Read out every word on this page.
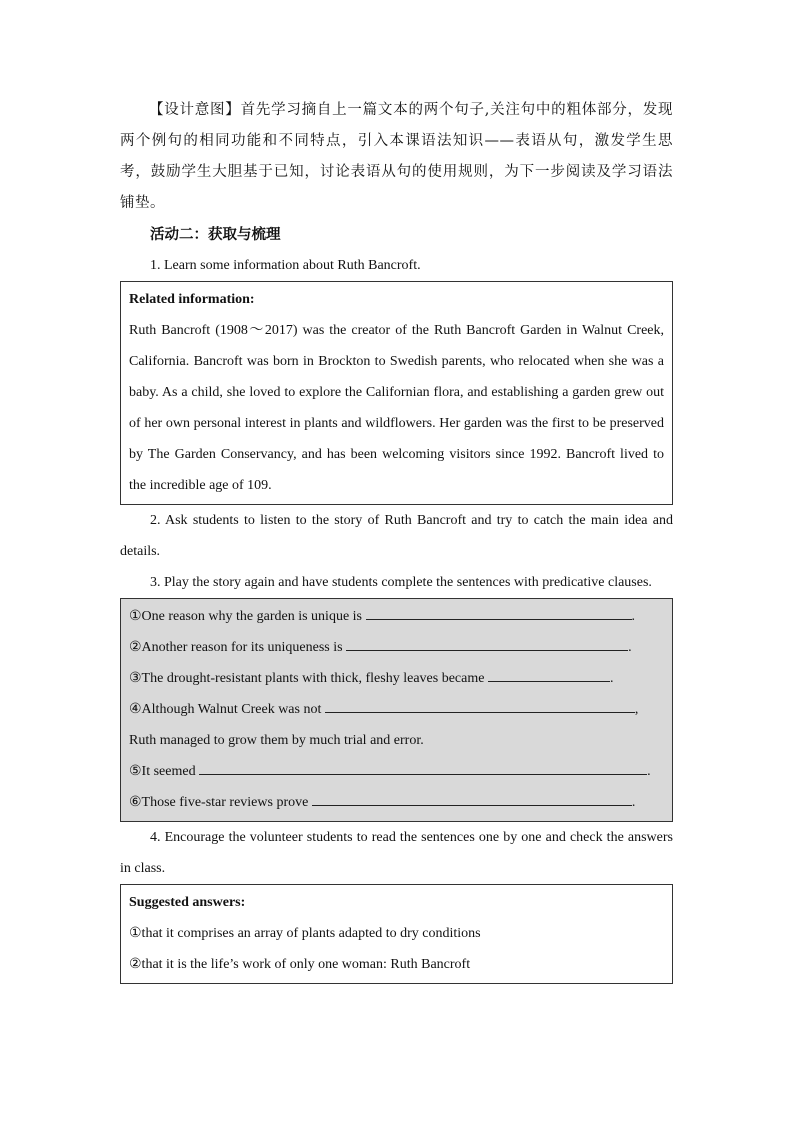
【设计意图】首先学习摘自上一篇文本的两个句子,关注句中的粗体部分，发现两个例句的相同功能和不同特点，引入本课语法知识——表语从句，激发学生思考，鼓励学生大胆基于已知，讨论表语从句的使用规则，为下一步阅读及学习语法铺垫。

活动二：获取与梳理

1. Learn some information about Ruth Bancroft.

Related information:

Ruth Bancroft (1908～2017) was the creator of the Ruth Bancroft Garden in Walnut Creek, California. Bancroft was born in Brockton to Swedish parents, who relocated when she was a baby. As a child, she loved to explore the Californian flora, and establishing a garden grew out of her own personal interest in plants and wildflowers. Her garden was the first to be preserved by The Garden Conservancy, and has been welcoming visitors since 1992. Bancroft lived to the incredible age of 109.

2. Ask students to listen to the story of Ruth Bancroft and try to catch the main idea and details.

3. Play the story again and have students complete the sentences with predicative clauses.

①One reason why the garden is unique is	.

②Another reason for its uniqueness is	.

③The drought-resistant plants with thick, fleshy leaves became	.

④Although Walnut Creek was not	,

Ruth managed to grow them by much trial and error.

⑤It seemed	.

⑥Those five-star reviews prove	.

4. Encourage the volunteer students to read the sentences one by one and check the answers in class.

Suggested answers:

①that it comprises an array of plants adapted to dry conditions

②that it is the life’s work of only one woman: Ruth Bancroft
